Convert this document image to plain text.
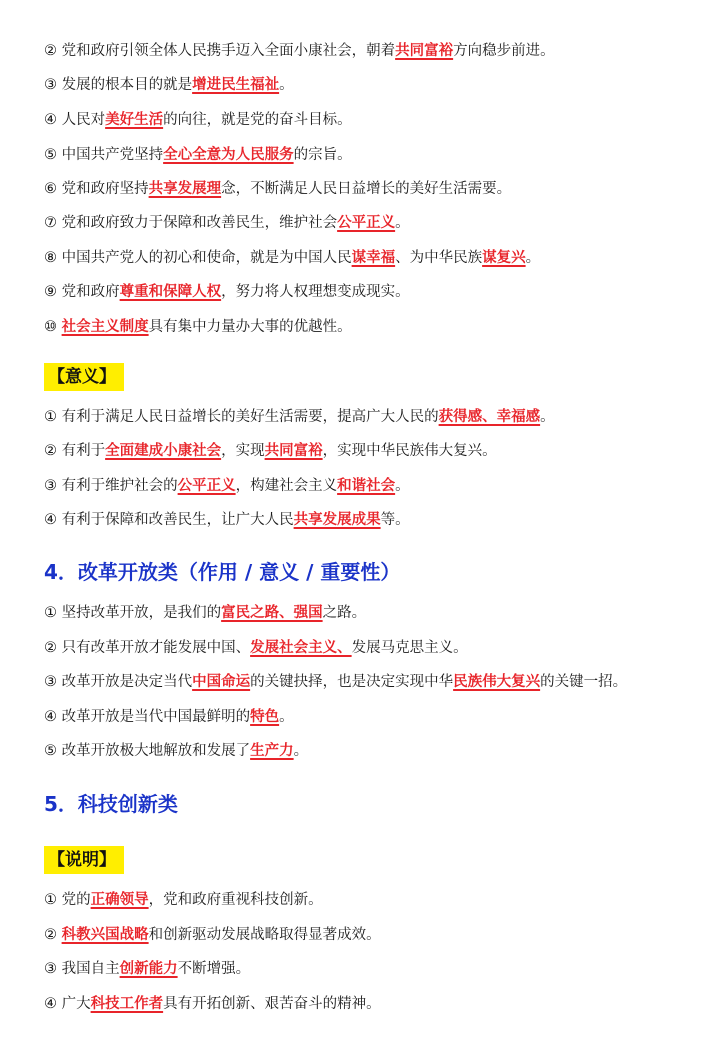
② 党和政府引领全体人民携手迈入全面小康社会，朝着共同富裕方向稳步前进。
③ 发展的根本目的就是增进民生福祉。
④ 人民对美好生活的向往，就是党的奋斗目标。
⑤ 中国共产党坚持全心全意为人民服务的宗旨。
⑥ 党和政府坚持共享发展理念，不断满足人民日益增长的美好生活需要。
⑦ 党和政府致力于保障和改善民生，维护社会公平正义。
⑧ 中国共产党人的初心和使命，就是为中国人民谋幸福、为中华民族谋复兴。
⑨ 党和政府尊重和保障人权，努力将人权理想变成现实。
⑩ 社会主义制度具有集中力量办大事的优越性。
【意义】
① 有利于满足人民日益增长的美好生活需要，提高广大人民的获得感、幸福感。
② 有利于全面建成小康社会，实现共同富裕，实现中华民族伟大复兴。
③ 有利于维护社会的公平正义，构建社会主义和谐社会。
④ 有利于保障和改善民生，让广大人民共享发展成果等。
4．改革开放类（作用 / 意义 / 重要性）
① 坚持改革开放，是我们的富民之路、强国之路。
② 只有改革开放才能发展中国、发展社会主义、发展马克思主义。
③ 改革开放是决定当代中国命运的关键抉择，也是决定实现中华民族伟大复兴的关键一招。
④ 改革开放是当代中国最鲜明的特色。
⑤ 改革开放极大地解放和发展了生产力。
5．科技创新类
【说明】
① 党的正确领导，党和政府重视科技创新。
② 科教兴国战略和创新驱动发展战略取得显著成效。
③ 我国自主创新能力不断增强。
④ 广大科技工作者具有开拓创新、艰苦奋斗的精神。
